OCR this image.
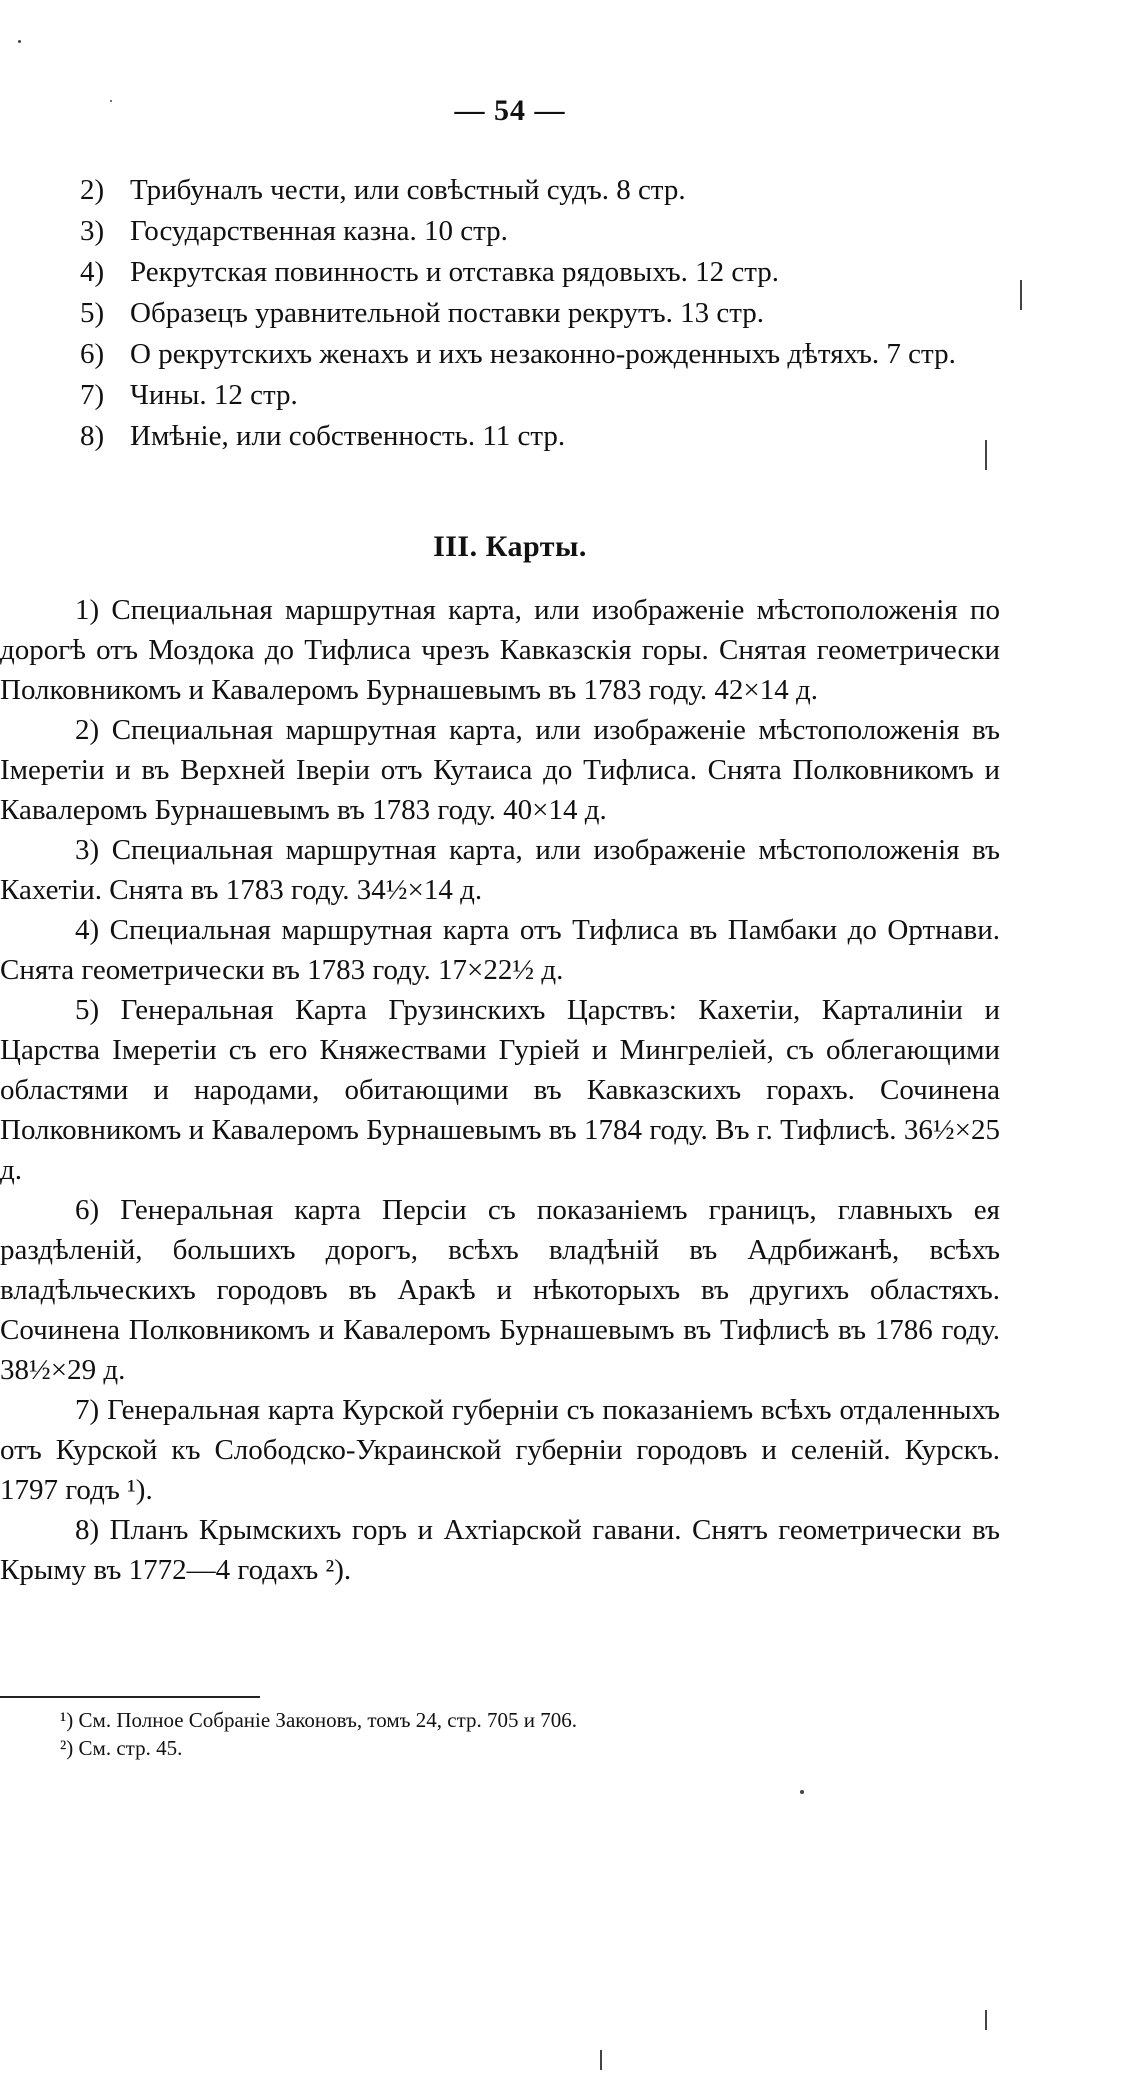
— 54 —
2) Трибуналъ чести, или совѣстный судъ. 8 стр.
3) Государственная казна. 10 стр.
4) Рекрутская повинность и отставка рядовыхъ. 12 стр.
5) Образецъ уравнительной поставки рекрутъ. 13 стр.
6) О рекрутскихъ женахъ и ихъ незаконно-рожденныхъ дѣтяхъ. 7 стр.
7) Чины. 12 стр.
8) Имѣніе, или собственность. 11 стр.
III. Карты.

1) Специальная маршрутная карта, или изображеніе мѣстоположенія по дорогѣ отъ Моздока до Тифлиса чрезъ Кавказскія горы. Снятая геометрически Полковникомъ и Кавалеромъ Бурнашевымъ въ 1783 году. 42×14 д.

2) Специальная маршрутная карта, или изображеніе мѣстоположенія въ Імеретіи и въ Верхней Іверіи отъ Кутаиса до Тифлиса. Снята Полковникомъ и Кавалеромъ Бурнашевымъ въ 1783 году. 40×14 д.

3) Специальная маршрутная карта, или изображеніе мѣстоположенія въ Кахетіи. Снята въ 1783 году. 34½×14 д.

4) Специальная маршрутная карта отъ Тифлиса въ Памбаки до Ортнави. Снята геометрически въ 1783 году. 17×22½ д.

5) Генеральная Карта Грузинскихъ Царствъ: Кахетіи, Карталиніи и Царства Імеретіи съ его Княжествами Гуріей и Мингреліей, съ облегающими областями и народами, обитающими въ Кавказскихъ горахъ. Сочинена Полковникомъ и Кавалеромъ Бурнашевымъ въ 1784 году. Въ г. Тифлисѣ. 36½×25 д.

6) Генеральная карта Персіи съ показаніемъ границъ, главныхъ ея раздѣленій, большихъ дорогъ, всѣхъ владѣній въ Адрбижанѣ, всѣхъ владѣльческихъ городовъ въ Аракѣ и нѣкоторыхъ въ другихъ областяхъ. Сочинена Полковникомъ и Кавалеромъ Бурнашевымъ въ Тифлисѣ въ 1786 году. 38½×29 д.

7) Генеральная карта Курской губерніи съ показаніемъ всѣхъ отдаленныхъ отъ Курской къ Слободско-Украинской губерніи городовъ и селеній. Курскъ. 1797 годъ ¹).

8) Планъ Крымскихъ горъ и Ахтіарской гавани. Снятъ геометрически въ Крыму въ 1772—4 годахъ ²).

¹) См. Полное Собраніе Законовъ, томъ 24, стр. 705 и 706.

²) См. стр. 45.
